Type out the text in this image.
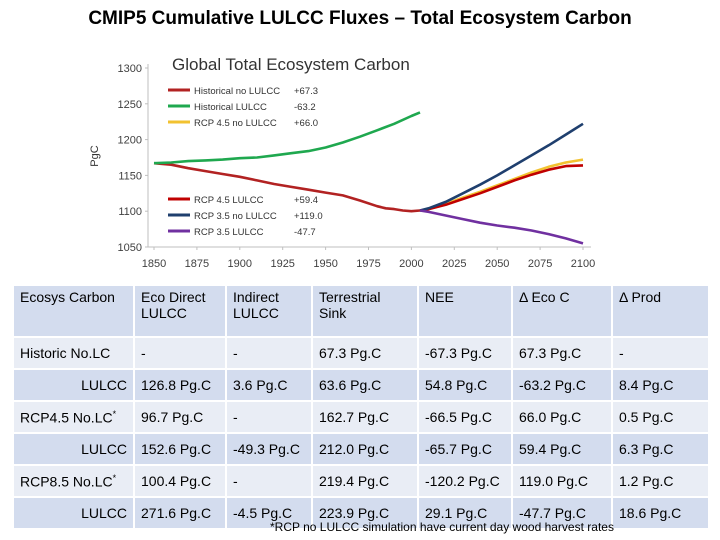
CMIP5 Cumulative LULCC Fluxes – Total Ecosystem Carbon
Global Total Ecosystem Carbon
PgC
1050
1100
1150
1200
1250
1300
1850 1875 1900 1925 1950 1975 2000 2025 2050 2075 2100
Historical no LULCC +67.3
Historical LULCC	-63.2
RCP 4.5 no LULCC +66.0
RCP 4.5 LULCC	+59.4
RCP 3.5 no LULCC +119.0
RCP 3.5 LULCC	-47.7
Ecosys Carbon	Eco Direct LULCC	Indirect LULCC	Terrestrial Sink	NEE	Δ Eco C	Δ Prod
Historic No.LC	-	-	67.3 Pg.C	-67.3 Pg.C	67.3 Pg.C	-
LULCC	126.8 Pg.C	3.6 Pg.C	63.6 Pg.C	54.8 Pg.C	-63.2 Pg.C	8.4 Pg.C
RCP4.5 No.LC*	96.7 Pg.C	-	162.7 Pg.C	-66.5 Pg.C	66.0 Pg.C	0.5 Pg.C
LULCC	152.6 Pg.C	-49.3 Pg.C	212.0 Pg.C	-65.7 Pg.C	59.4 Pg.C	6.3 Pg.C
RCP8.5 No.LC*	100.4 Pg.C	-	219.4 Pg.C	-120.2 Pg.C	119.0 Pg.C	1.2 Pg.C
LULCC	271.6 Pg.C	-4.5 Pg.C	223.9 Pg.C	29.1 Pg.C	-47.7 Pg.C	18.6 Pg.C
*RCP no LULCC simulation have current day wood harvest rates
